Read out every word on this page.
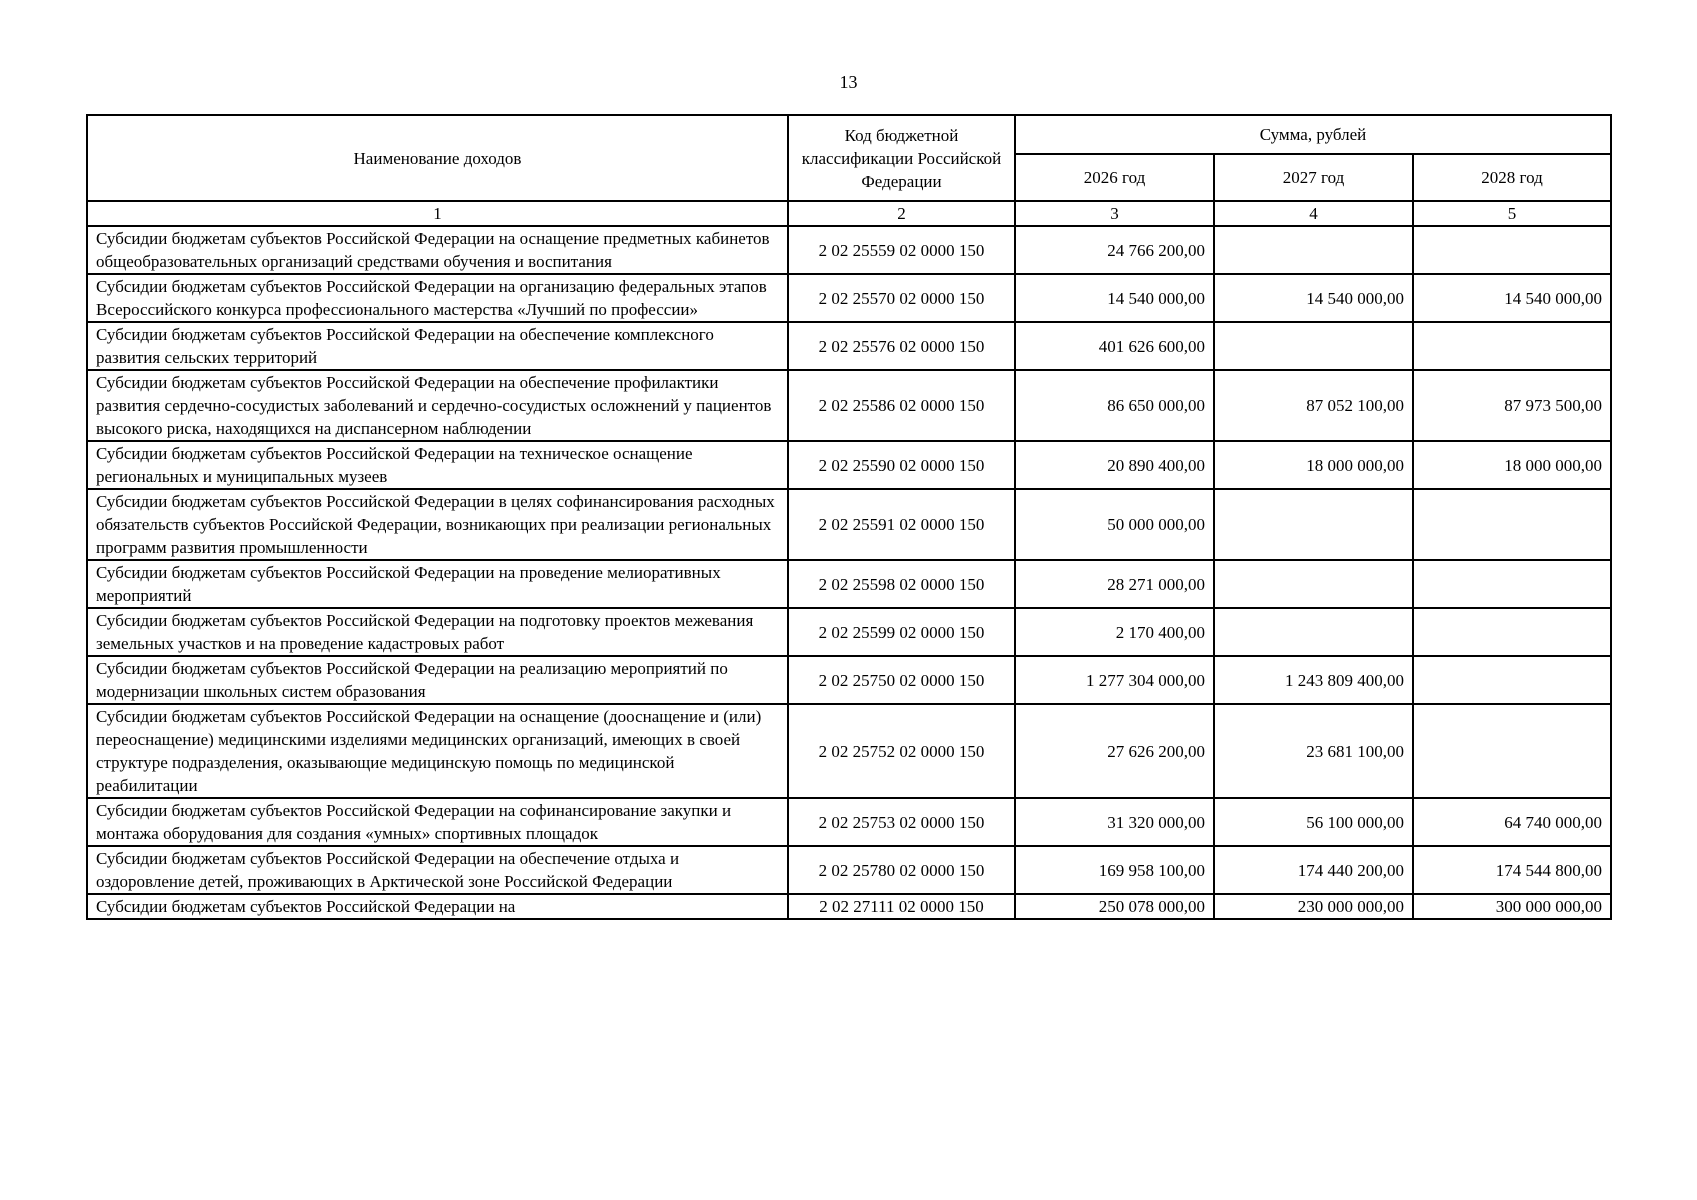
13
Наименование доходов	Код бюджетной классификации Российской Федерации	Сумма, рублей		
		2026 год	2027 год	2028 год
1	2	3	4	5
Субсидии бюджетам субъектов Российской Федерации на оснащение предметных кабинетов общеобразовательных организаций средствами обучения и воспитания	2 02 25559 02 0000 150	24 766 200,00		
Субсидии бюджетам субъектов Российской Федерации на организацию федеральных этапов Всероссийского конкурса профессионального мастерства «Лучший по профессии»	2 02 25570 02 0000 150	14 540 000,00	14 540 000,00	14 540 000,00
Субсидии бюджетам субъектов Российской Федерации на обеспечение комплексного развития сельских территорий	2 02 25576 02 0000 150	401 626 600,00		
Субсидии бюджетам субъектов Российской Федерации на обеспечение профилактики развития сердечно-сосудистых заболеваний и сердечно-сосудистых осложнений у пациентов высокого риска, находящихся на диспансерном наблюдении	2 02 25586 02 0000 150	86 650 000,00	87 052 100,00	87 973 500,00
Субсидии бюджетам субъектов Российской Федерации на техническое оснащение региональных и муниципальных музеев	2 02 25590 02 0000 150	20 890 400,00	18 000 000,00	18 000 000,00
Субсидии бюджетам субъектов Российской Федерации в целях софинансирования расходных обязательств субъектов Российской Федерации, возникающих при реализации региональных программ развития промышленности	2 02 25591 02 0000 150	50 000 000,00		
Субсидии бюджетам субъектов Российской Федерации на проведение мелиоративных мероприятий	2 02 25598 02 0000 150	28 271 000,00		
Субсидии бюджетам субъектов Российской Федерации на подготовку проектов межевания земельных участков и на проведение кадастровых работ	2 02 25599 02 0000 150	2 170 400,00		
Субсидии бюджетам субъектов Российской Федерации на реализацию мероприятий по модернизации школьных систем образования	2 02 25750 02 0000 150	1 277 304 000,00	1 243 809 400,00	
Субсидии бюджетам субъектов Российской Федерации на оснащение (дооснащение и (или) переоснащение) медицинскими изделиями медицинских организаций, имеющих в своей структуре подразделения, оказывающие медицинскую помощь по медицинской реабилитации	2 02 25752 02 0000 150	27 626 200,00	23 681 100,00	
Субсидии бюджетам субъектов Российской Федерации на софинансирование закупки и монтажа оборудования для создания «умных» спортивных площадок	2 02 25753 02 0000 150	31 320 000,00	56 100 000,00	64 740 000,00
Субсидии бюджетам субъектов Российской Федерации на обеспечение отдыха и оздоровление детей, проживающих в Арктической зоне Российской Федерации	2 02 25780 02 0000 150	169 958 100,00	174 440 200,00	174 544 800,00
Субсидии бюджетам субъектов Российской Федерации на	2 02 27111 02 0000 150	250 078 000,00	230 000 000,00	300 000 000,00
